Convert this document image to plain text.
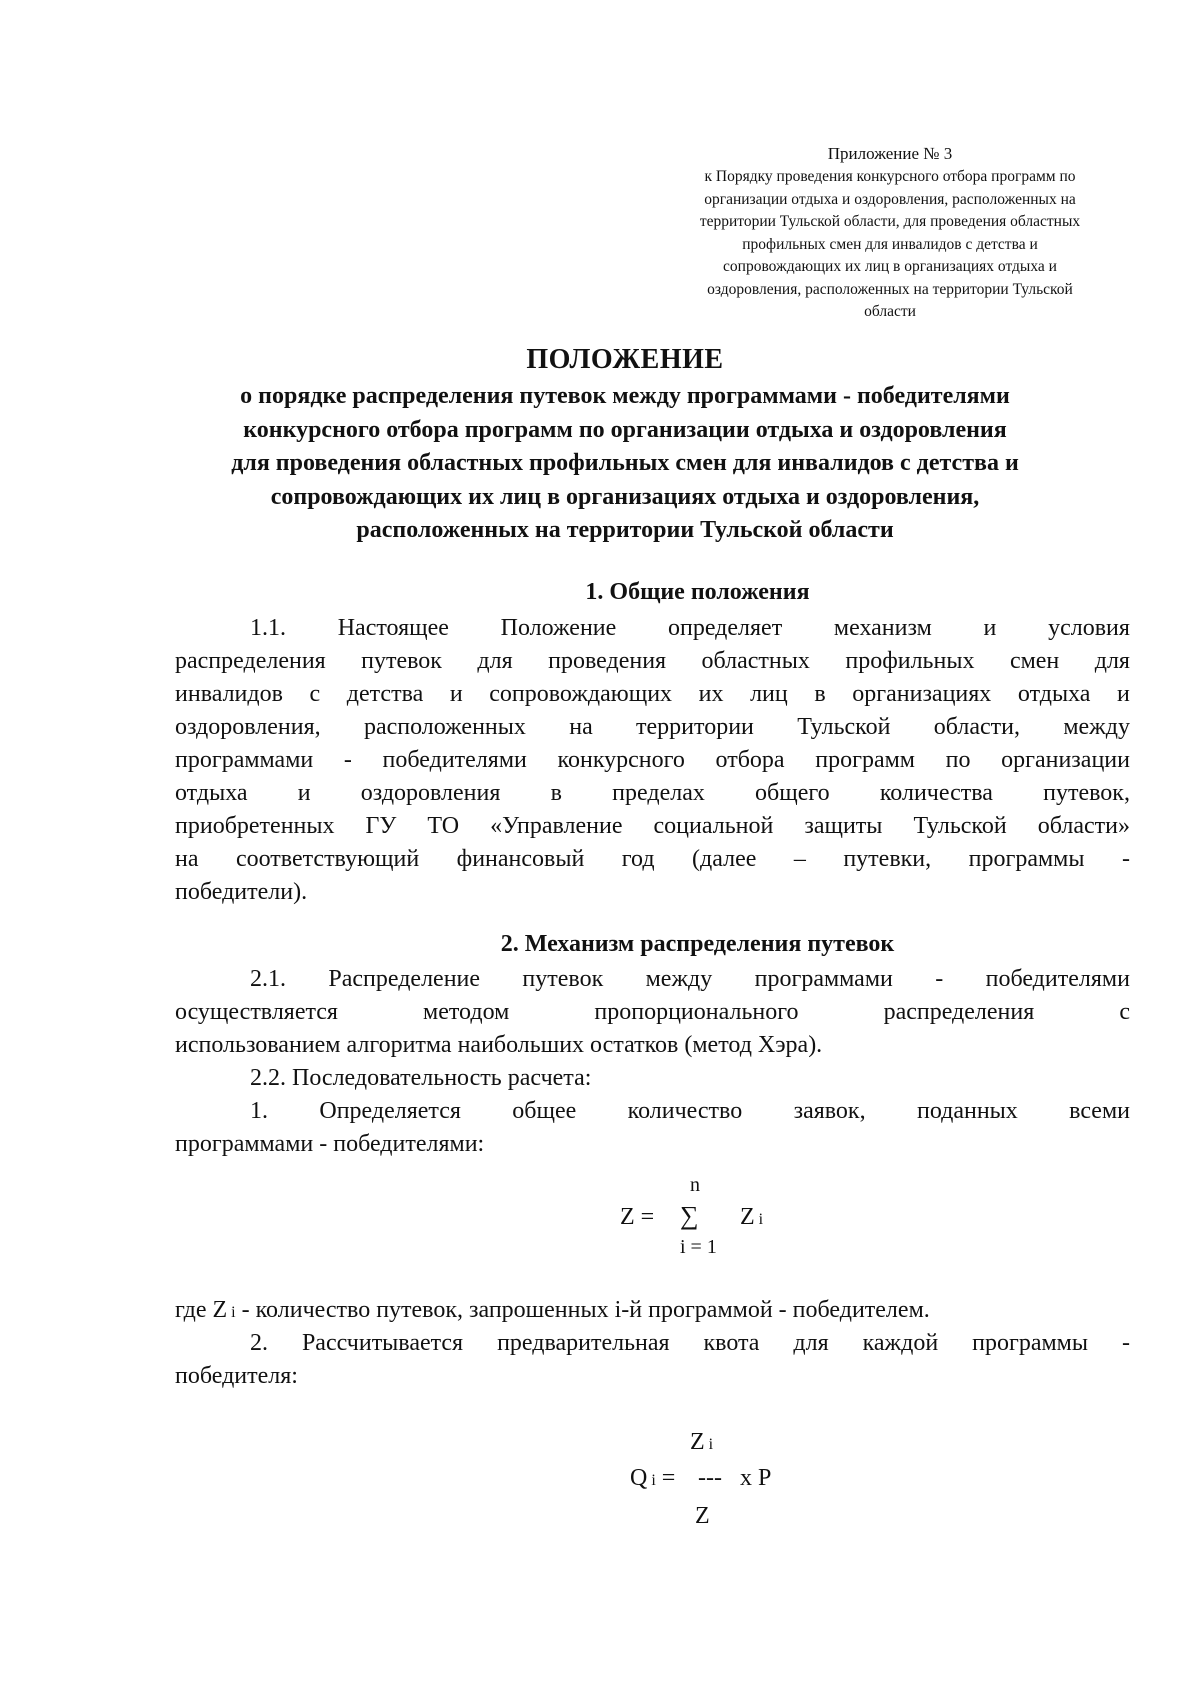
Приложение № 3
к Порядку проведения конкурсного отбора программ по
организации отдыха и оздоровления, расположенных на
территории Тульской области, для проведения областных
профильных смен для инвалидов с детства и
сопровождающих их лиц в организациях отдыха и
оздоровления, расположенных на территории Тульской
области
ПОЛОЖЕНИЕ
о порядке распределения путевок между программами - победителями
конкурсного отбора программ по организации отдыха и оздоровления
для проведения областных профильных смен для инвалидов с детства и
сопровождающих их лиц в организациях отдыха и оздоровления,
расположенных на территории Тульской области
1. Общие положения
1.1. Настоящее Положение определяет механизм и условия
распределения путевок для проведения областных профильных смен для
инвалидов с детства и сопровождающих их лиц в организациях отдыха и
оздоровления, расположенных на территории Тульской области, между
программами - победителями конкурсного отбора программ по организации
отдыха и оздоровления в пределах общего количества путевок,
приобретенных ГУ ТО «Управление социальной защиты Тульской области»
на соответствующий финансовый год (далее – путевки, программы -
победители).
2. Механизм распределения путевок
2.1. Распределение путевок между программами - победителями
осуществляется	методом	пропорционального	распределения	с
использованием алгоритма наибольших остатков (метод Хэра).
2.2. Последовательность расчета:
1. Определяется общее количество заявок, поданных всеми
программами - победителями:
n
Z = ∑ Z i
i = 1
где Z i - количество путевок, запрошенных i-й программой - победителем.
2. Рассчитывается предварительная квота для каждой программы -
победителя:
Z i
Q i = --- x P
Z
